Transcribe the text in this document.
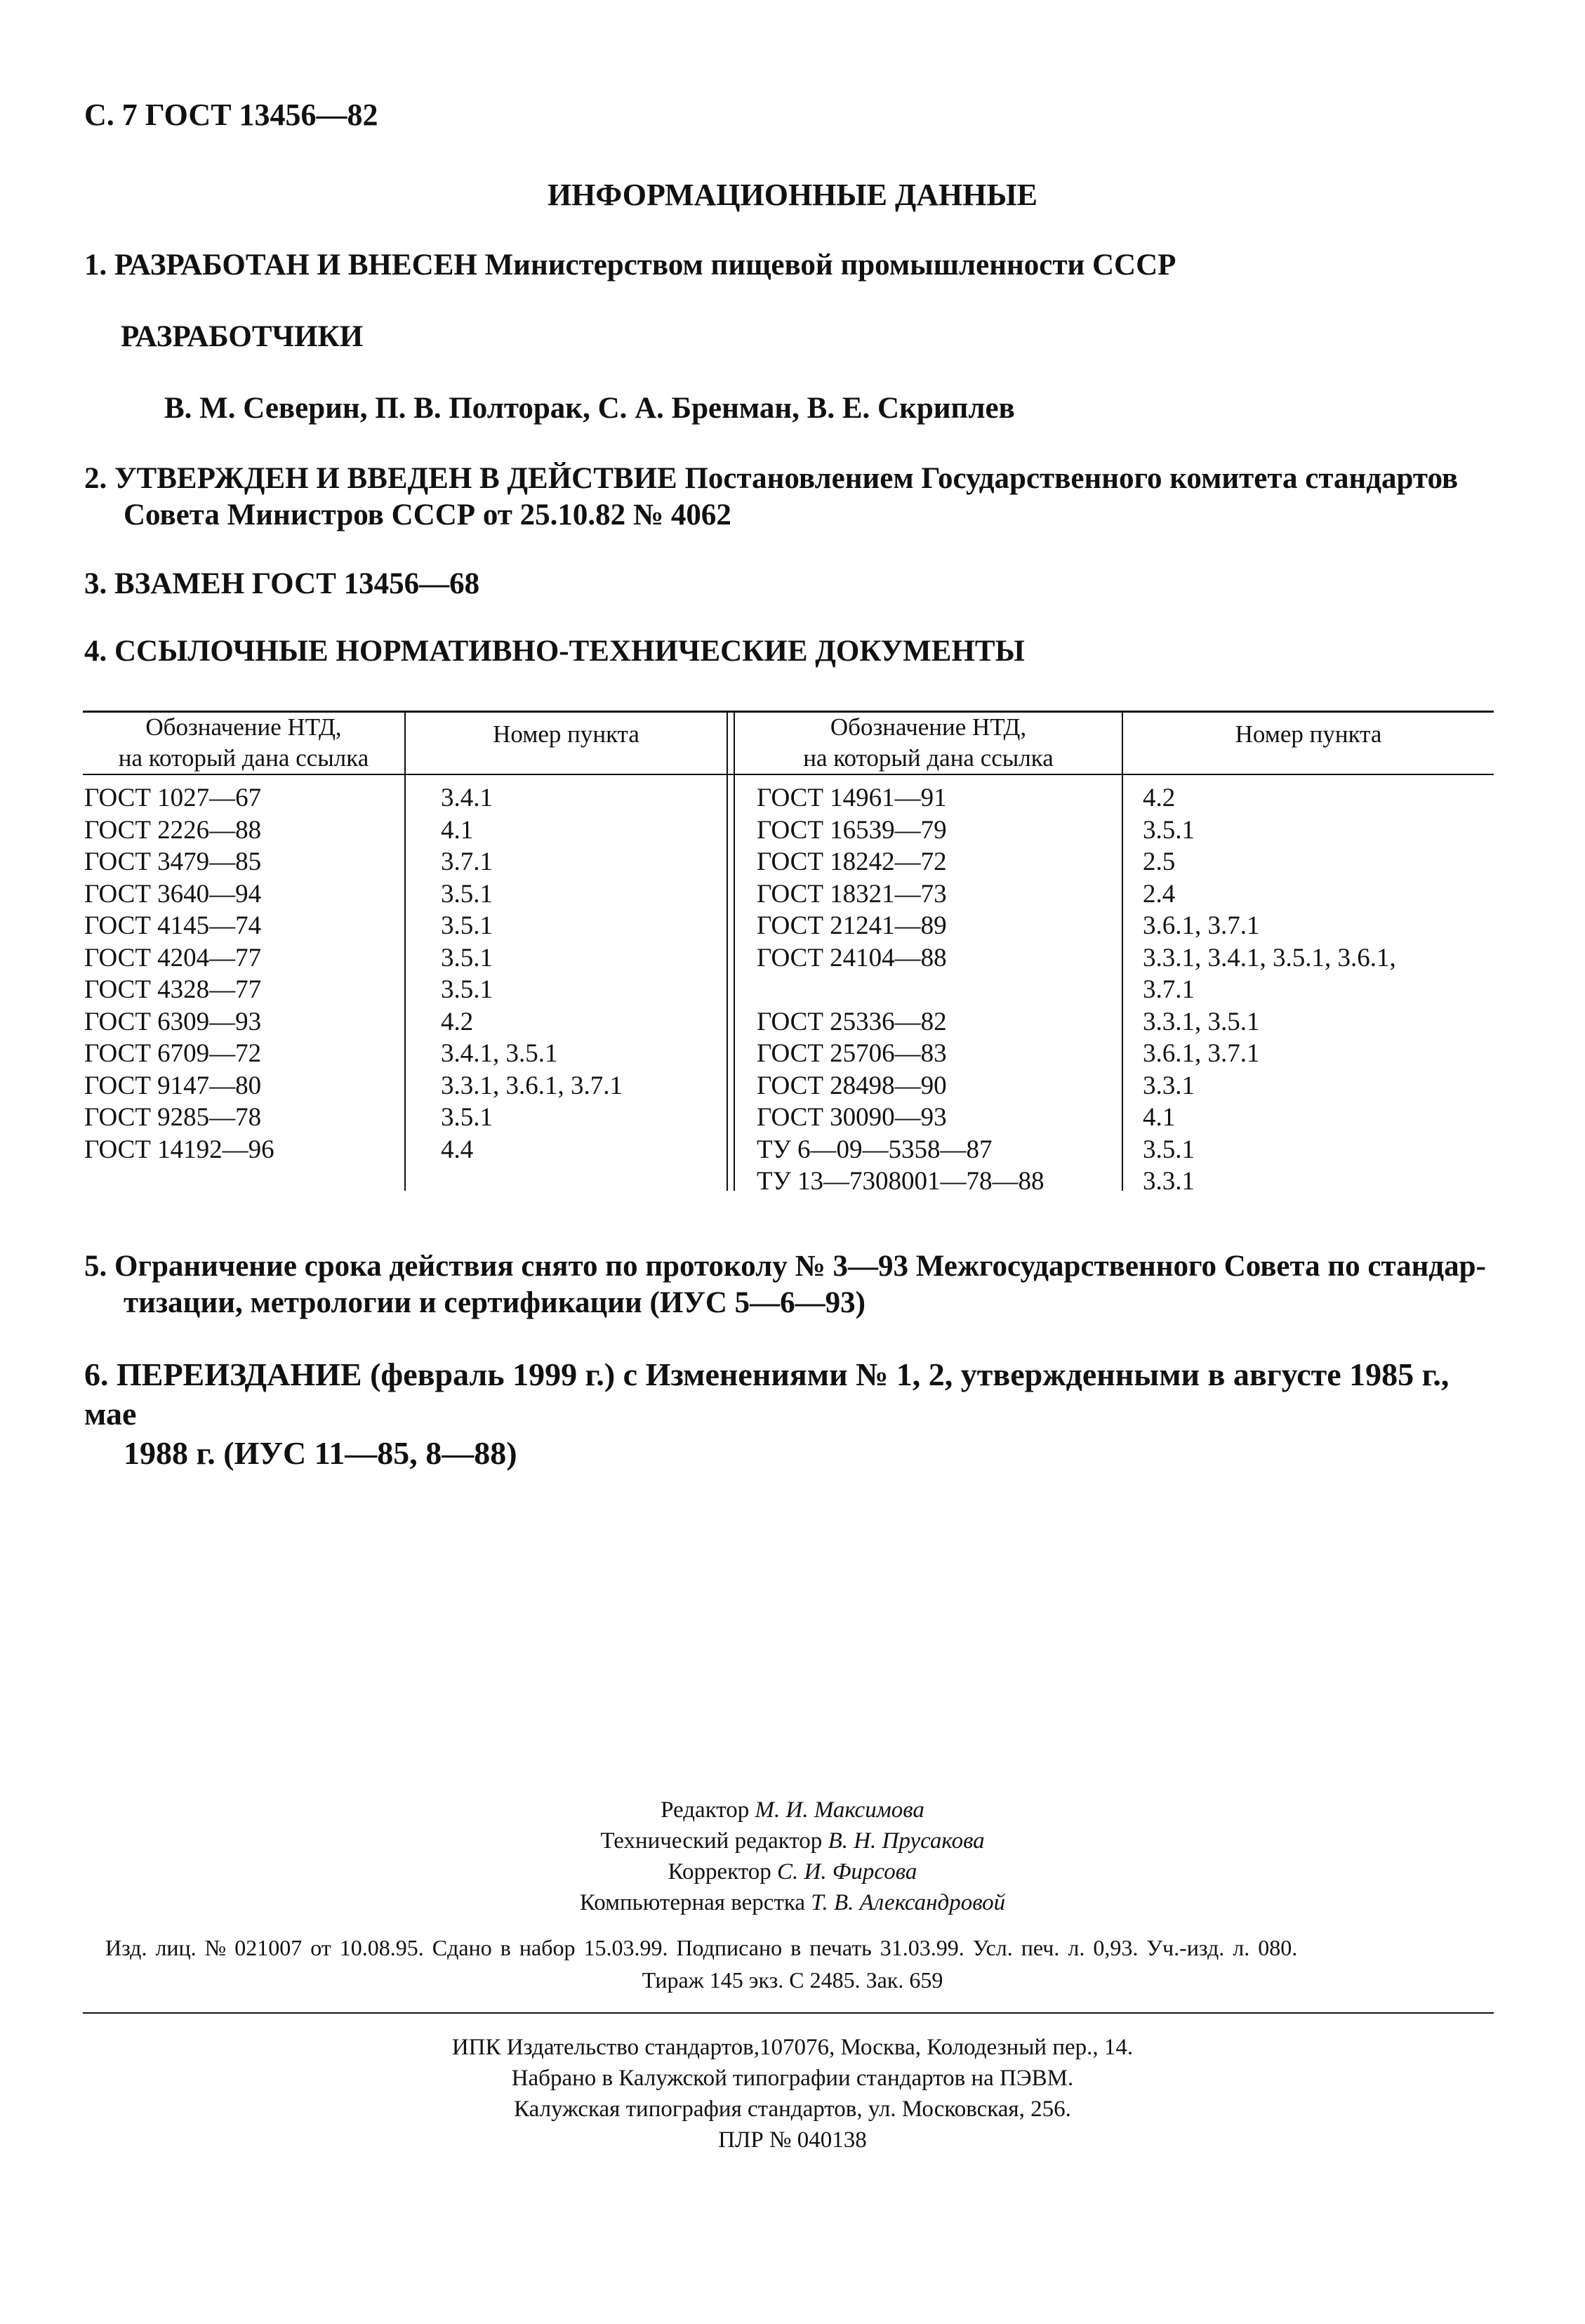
С. 7 ГОСТ 13456—82
ИНФОРМАЦИОННЫЕ ДАННЫЕ
1. РАЗРАБОТАН И ВНЕСЕН Министерством пищевой промышленности СССР
РАЗРАБОТЧИКИ
В. М. Северин, П. В. Полторак, С. А. Бренман, В. Е. Скриплев
2. УТВЕРЖДЕН И ВВЕДЕН В ДЕЙСТВИЕ Постановлением Государственного комитета стандартов
Совета Министров СССР от 25.10.82 № 4062
3. ВЗАМЕН ГОСТ 13456—68
4. ССЫЛОЧНЫЕ НОРМАТИВНО-ТЕХНИЧЕСКИЕ ДОКУМЕНТЫ
Обозначение НТД,
на который дана ссылка
Номер пункта	Обозначение НТД,
на который дана ссылка
Номер пункта
ГОСТ 1027—67
ГОСТ 2226—88
ГОСТ 3479—85
ГОСТ 3640—94
ГОСТ 4145—74
ГОСТ 4204—77
ГОСТ 4328—77
ГОСТ 6309—93
ГОСТ 6709—72
ГОСТ 9147—80
ГОСТ 9285—78
ГОСТ 14192—96
3.4.1
4.1
3.7.1
3.5.1
3.5.1
3.5.1
3.5.1
4.2
3.4.1, 3.5.1
3.3.1, 3.6.1, 3.7.1
3.5.1
4.4
ГОСТ 14961—91
ГОСТ 16539—79
ГОСТ 18242—72
ГОСТ 18321—73
ГОСТ 21241—89
ГОСТ 24104—88

ГОСТ 25336—82
ГОСТ 25706—83
ГОСТ 28498—90
ГОСТ 30090—93
ТУ 6—09—5358—87
ТУ 13—7308001—78—88
4.2
3.5.1
2.5
2.4
3.6.1, 3.7.1
3.3.1, 3.4.1, 3.5.1, 3.6.1,
3.7.1
3.3.1, 3.5.1
3.6.1, 3.7.1
3.3.1
4.1
3.5.1
3.3.1
5. Ограничение срока действия снято по протоколу № 3—93 Межгосударственного Совета по стандар-
тизации, метрологии и сертификации (ИУС 5—6—93)
6. ПЕРЕИЗДАНИЕ (февраль 1999 г.) с Изменениями № 1, 2, утвержденными в августе 1985 г., мае
1988 г. (ИУС 11—85, 8—88)
Редактор М. И. Максимова
Технический редактор В. Н. Прусакова
Корректор С. И. Фирсова
Компьютерная верстка Т. В. Александровой
Изд. лиц. № 021007 от 10.08.95. Сдано в набор 15.03.99. Подписано в печать 31.03.99. Усл. печ. л. 0,93. Уч.-изд. л. 080.
Тираж 145 экз. С 2485. Зак. 659
ИПК Издательство стандартов,107076, Москва, Колодезный пер., 14.
Набрано в Калужской типографии стандартов на ПЭВМ.
Калужская типография стандартов, ул. Московская, 256.
ПЛР № 040138
